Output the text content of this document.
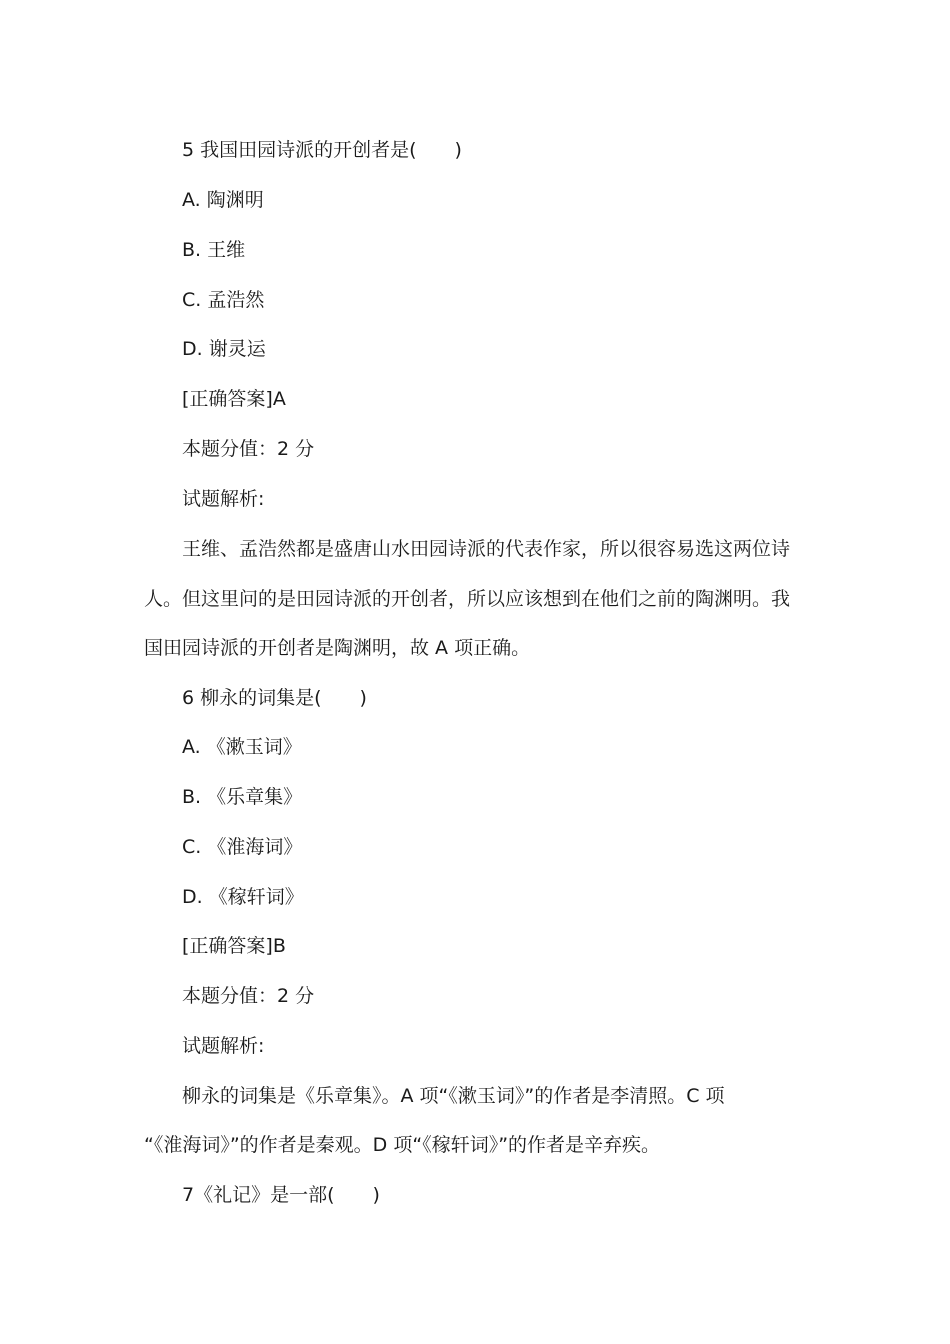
5 我国田园诗派的开创者是(　　)

A. 陶渊明

B. 王维

C. 孟浩然

D. 谢灵运

[正确答案]A

本题分值：2 分

试题解析:

王维、孟浩然都是盛唐山水田园诗派的代表作家，所以很容易选这两位诗

人。但这里问的是田园诗派的开创者，所以应该想到在他们之前的陶渊明。我

国田园诗派的开创者是陶渊明，故 A 项正确。

6 柳永的词集是(　　)

A. 《漱玉词》

B. 《乐章集》

C. 《淮海词》

D. 《稼轩词》

[正确答案]B

本题分值：2 分

试题解析:

柳永的词集是《乐章集》。A 项“《漱玉词》”的作者是李清照。C 项

“《淮海词》”的作者是秦观。D 项“《稼轩词》”的作者是辛弃疾。

7《礼记》是一部(　　)
